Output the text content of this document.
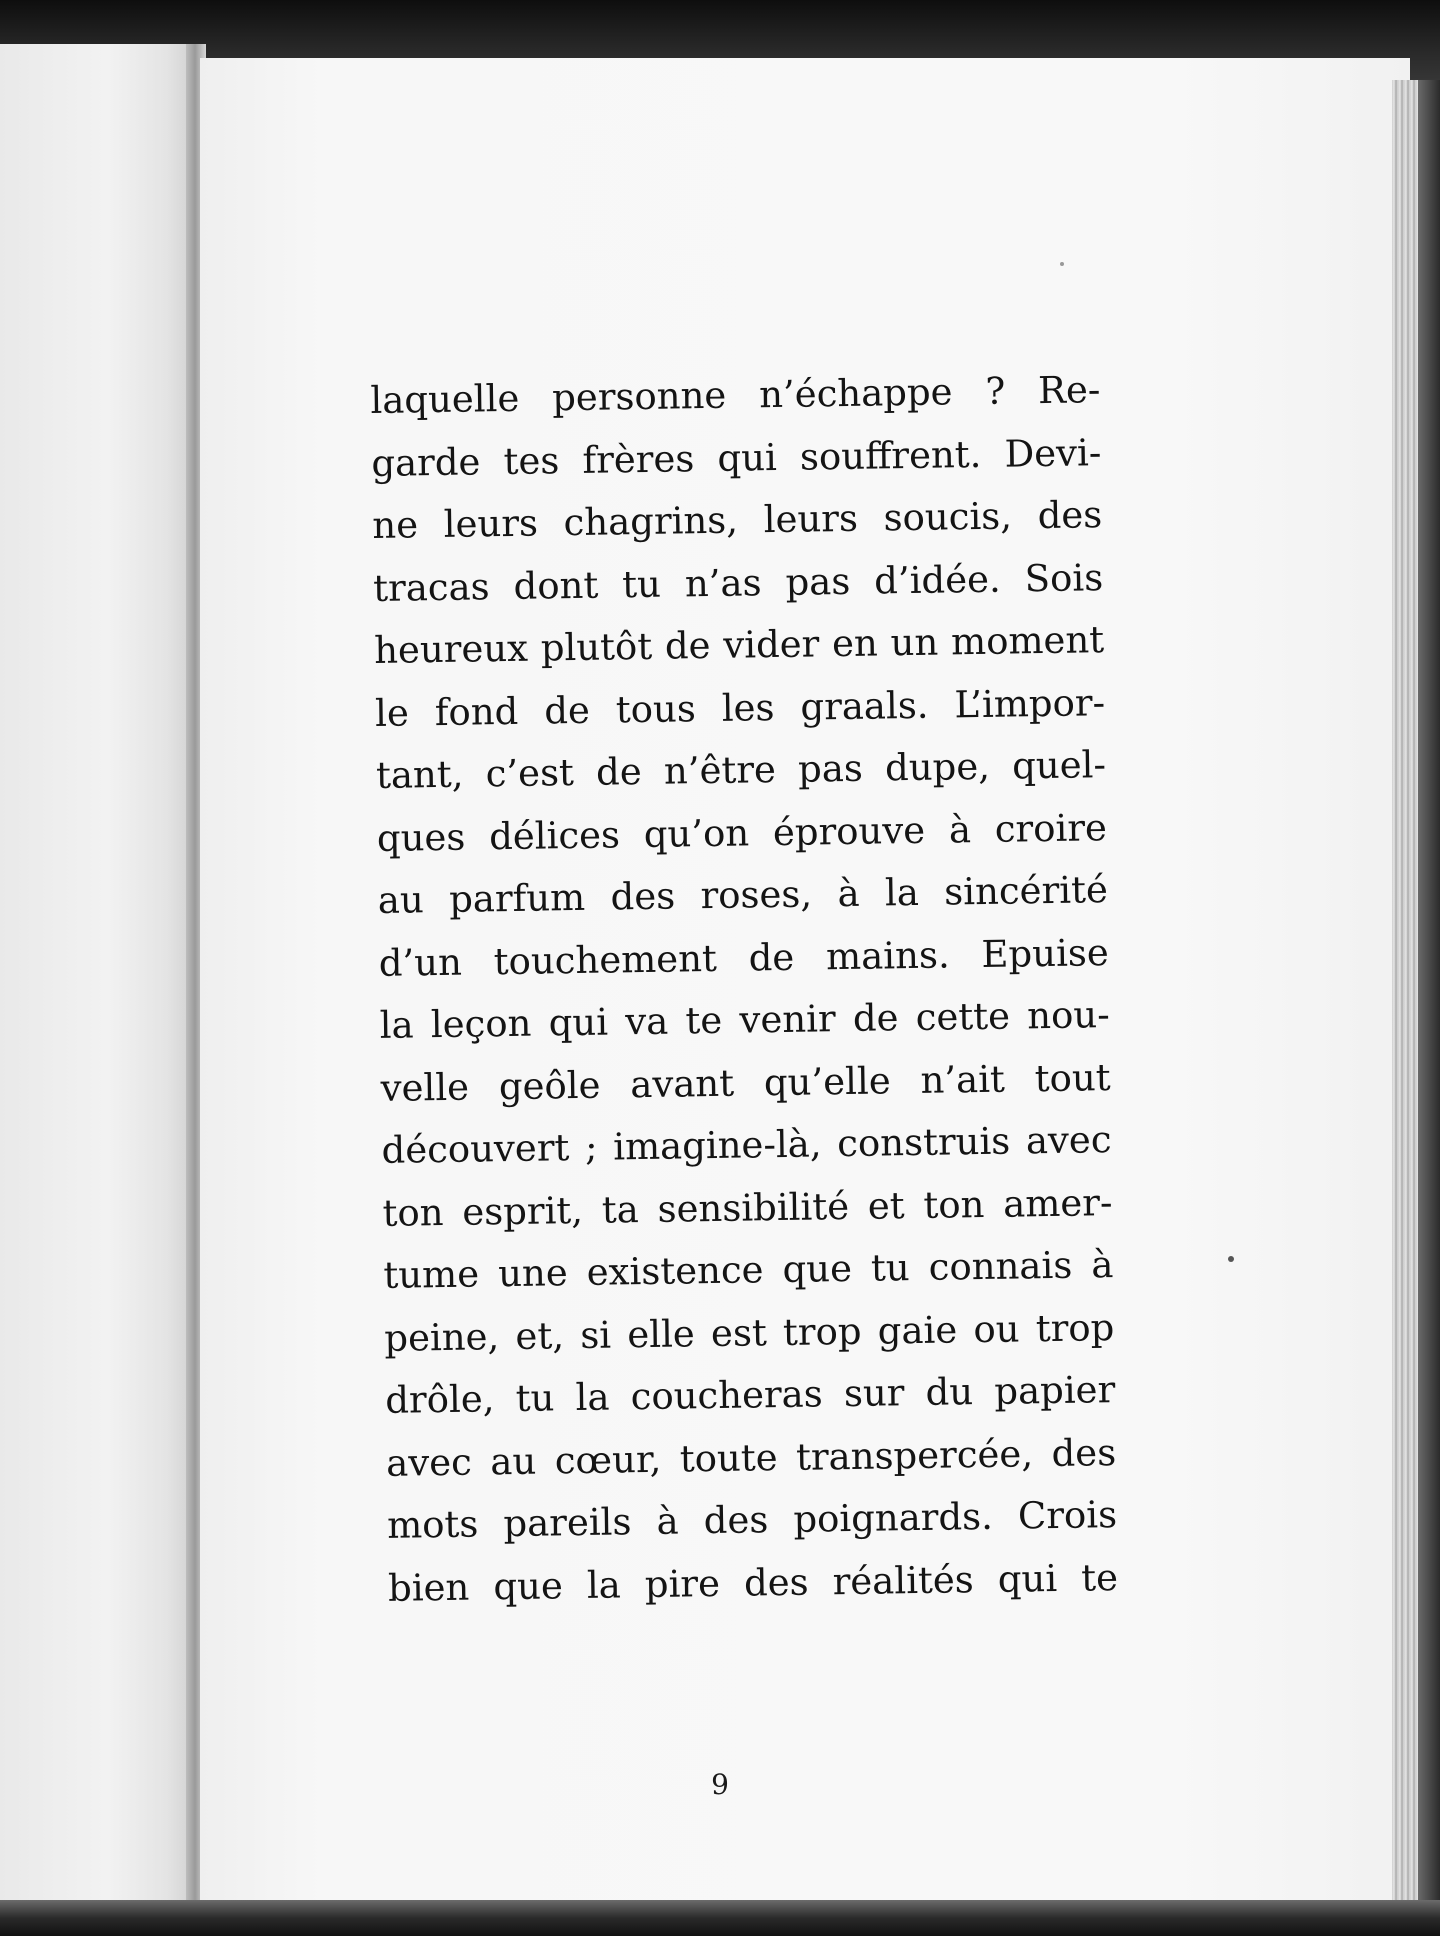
laquelle personne n’échappe ? Re-
garde tes frères qui souffrent. Devi-
ne leurs chagrins, leurs soucis, des
tracas dont tu n’as pas d’idée. Sois
heureux plutôt de vider en un moment
le fond de tous les graals. L’impor-
tant, c’est de n’être pas dupe, quel-
ques délices qu’on éprouve à croire
au parfum des roses, à la sincérité
d’un touchement de mains. Epuise
la leçon qui va te venir de cette nou-
velle geôle avant qu’elle n’ait tout
découvert ; imagine-là, construis avec
ton esprit, ta sensibilité et ton amer-
tume une existence que tu connais à
peine, et, si elle est trop gaie ou trop
drôle, tu la coucheras sur du papier
avec au cœur, toute transpercée, des
mots pareils à des poignards. Crois
bien que la pire des réalités qui te
9
